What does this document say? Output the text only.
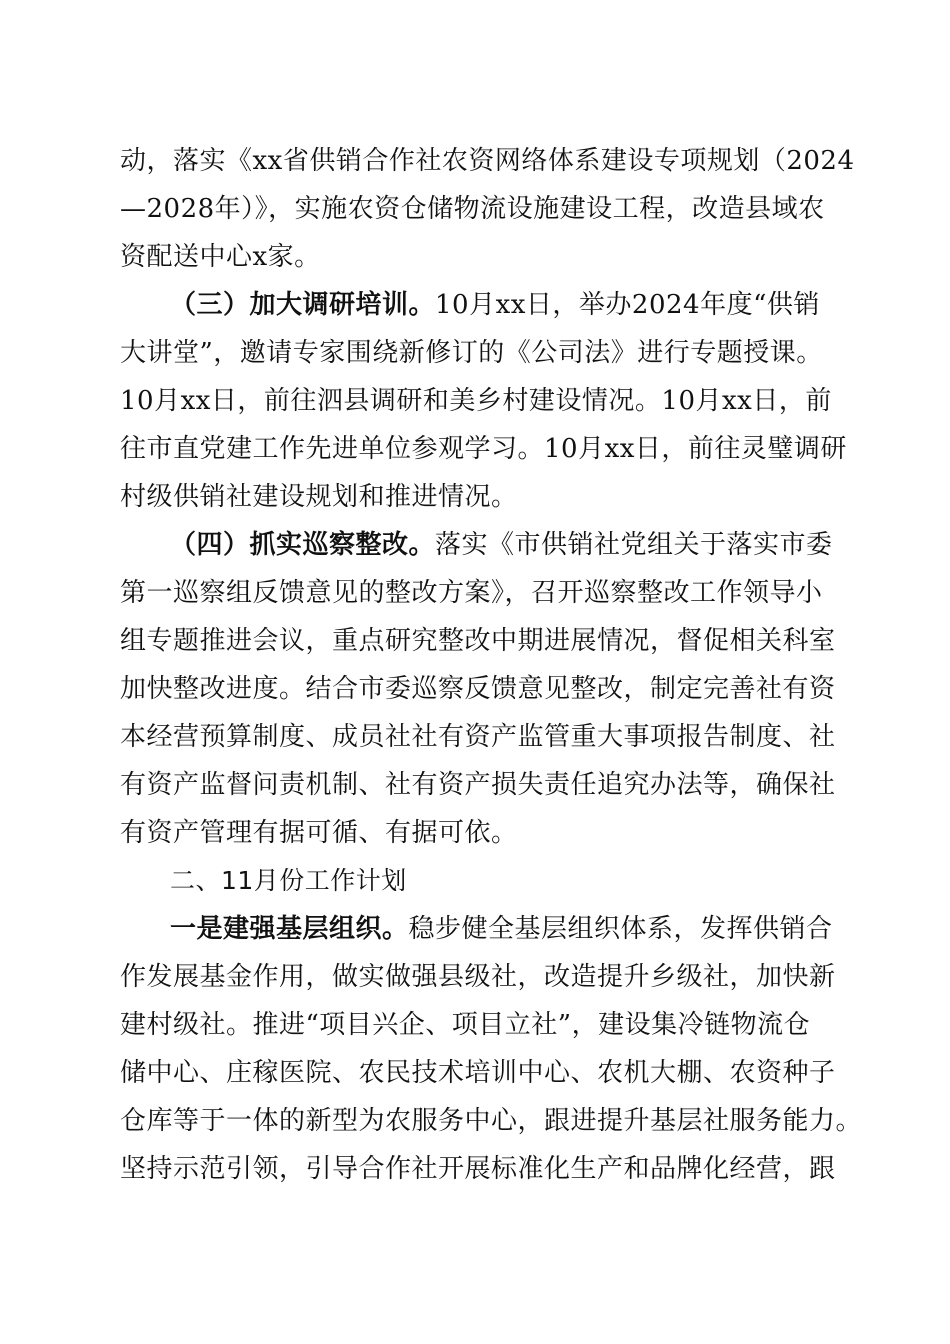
动，落实《xx省供销合作社农资网络体系建设专项规划（2024
—2028年）》，实施农资仓储物流设施建设工程，改造县域农
资配送中心x家。
（三）加大调研培训。10月xx日，举办2024年度“供销
大讲堂”，邀请专家围绕新修订的《公司法》进行专题授课。
10月xx日，前往泗县调研和美乡村建设情况。10月xx日，前
往市直党建工作先进单位参观学习。10月xx日，前往灵璧调研
村级供销社建设规划和推进情况。
（四）抓实巡察整改。落实《市供销社党组关于落实市委
第一巡察组反馈意见的整改方案》，召开巡察整改工作领导小
组专题推进会议，重点研究整改中期进展情况，督促相关科室
加快整改进度。结合市委巡察反馈意见整改，制定完善社有资
本经营预算制度、成员社社有资产监管重大事项报告制度、社
有资产监督问责机制、社有资产损失责任追究办法等，确保社
有资产管理有据可循、有据可依。
二、11月份工作计划
一是建强基层组织。稳步健全基层组织体系，发挥供销合
作发展基金作用，做实做强县级社，改造提升乡级社，加快新
建村级社。推进“项目兴企、项目立社”，建设集冷链物流仓
储中心、庄稼医院、农民技术培训中心、农机大棚、农资种子
仓库等于一体的新型为农服务中心，跟进提升基层社服务能力。
坚持示范引领，引导合作社开展标准化生产和品牌化经营，跟
